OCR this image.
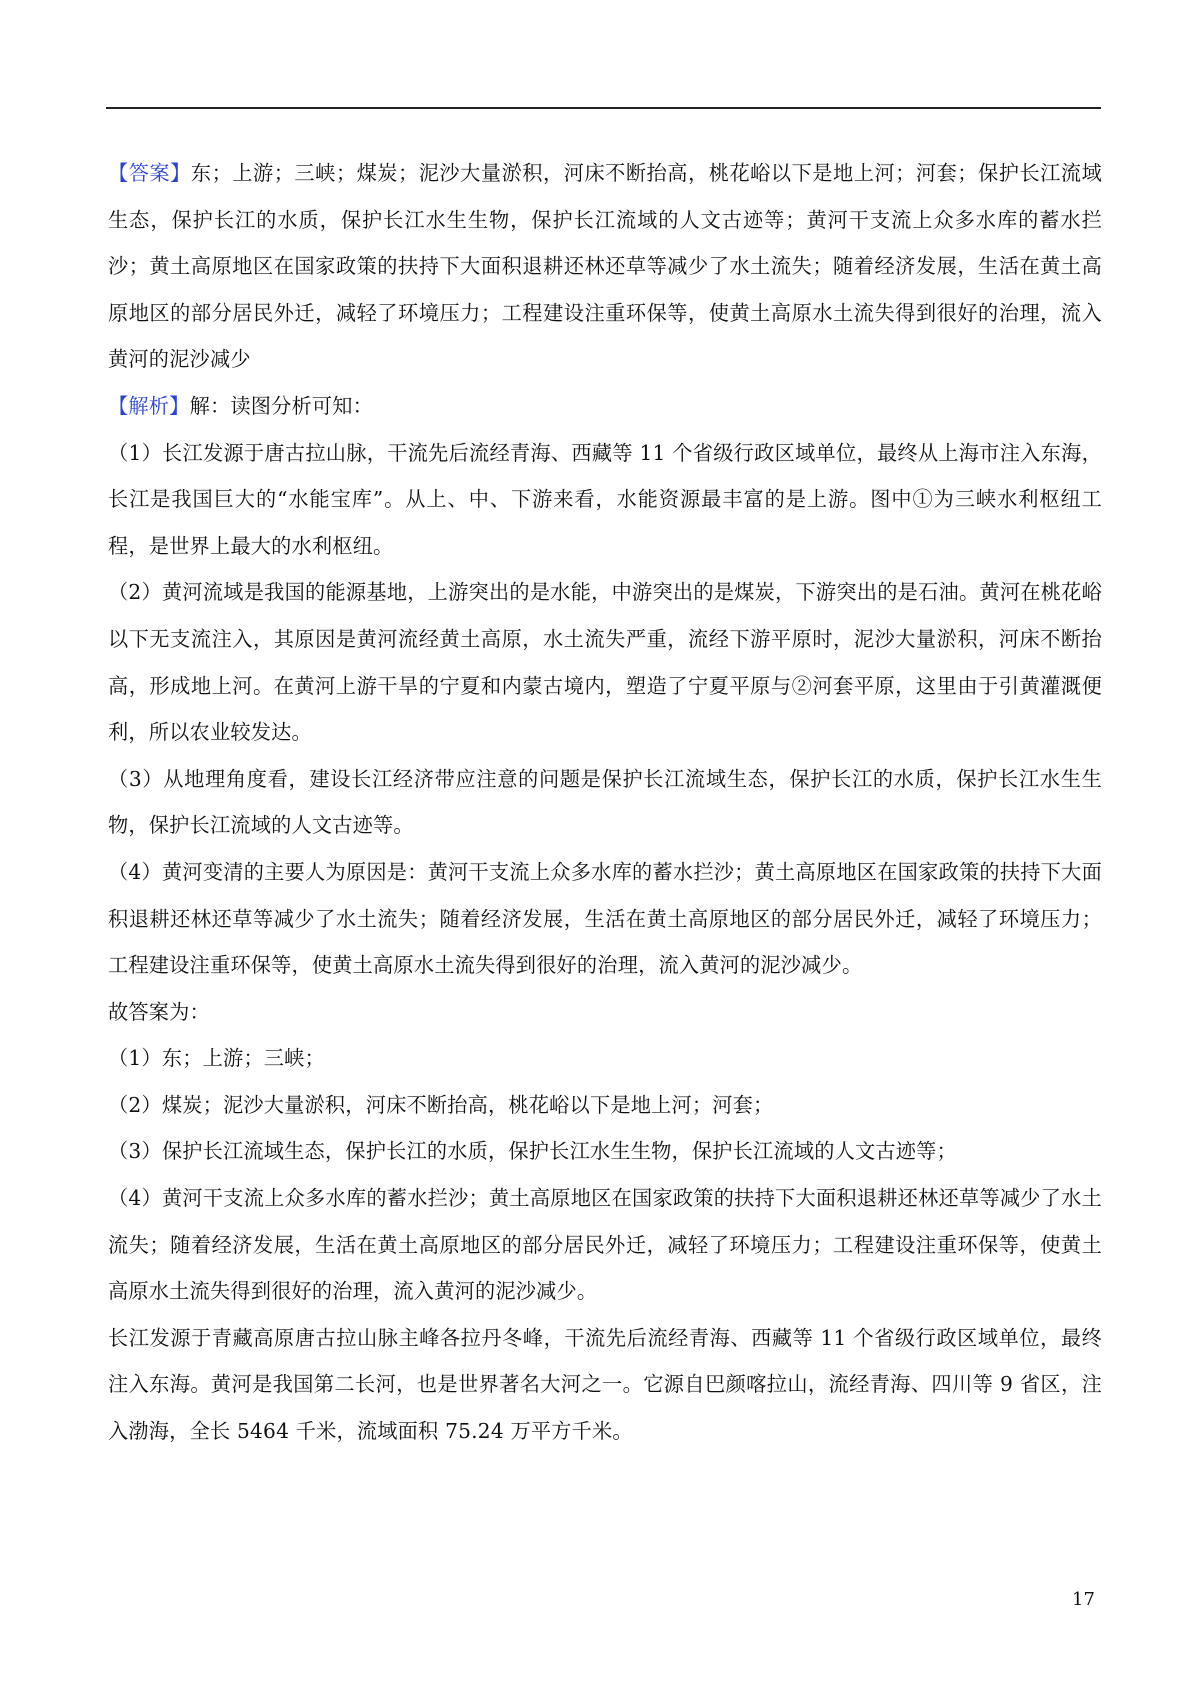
【答案】东；上游；三峡；煤炭；泥沙大量淤积，河床不断抬高，桃花峪以下是地上河；河套；保护长江流域生态，保护长江的水质，保护长江水生生物，保护长江流域的人文古迹等；黄河干支流上众多水库的蓄水拦沙；黄土高原地区在国家政策的扶持下大面积退耕还林还草等减少了水土流失；随着经济发展，生活在黄土高原地区的部分居民外迁，减轻了环境压力；工程建设注重环保等，使黄土高原水土流失得到很好的治理，流入黄河的泥沙减少

【解析】解：读图分析可知：

（1）长江发源于唐古拉山脉，干流先后流经青海、西藏等 11 个省级行政区域单位，最终从上海市注入东海，长江是我国巨大的“水能宝库”。从上、中、下游来看，水能资源最丰富的是上游。图中①为三峡水利枢纽工程，是世界上最大的水利枢纽。

（2）黄河流域是我国的能源基地，上游突出的是水能，中游突出的是煤炭，下游突出的是石油。黄河在桃花峪以下无支流注入，其原因是黄河流经黄土高原，水土流失严重，流经下游平原时，泥沙大量淤积，河床不断抬高，形成地上河。在黄河上游干旱的宁夏和内蒙古境内，塑造了宁夏平原与②河套平原，这里由于引黄灌溉便利，所以农业较发达。

（3）从地理角度看，建设长江经济带应注意的问题是保护长江流域生态，保护长江的水质，保护长江水生生物，保护长江流域的人文古迹等。

（4）黄河变清的主要人为原因是：黄河干支流上众多水库的蓄水拦沙；黄土高原地区在国家政策的扶持下大面积退耕还林还草等减少了水土流失；随着经济发展，生活在黄土高原地区的部分居民外迁，减轻了环境压力；工程建设注重环保等，使黄土高原水土流失得到很好的治理，流入黄河的泥沙减少。

故答案为：

（1）东；上游；三峡；

（2）煤炭；泥沙大量淤积，河床不断抬高，桃花峪以下是地上河；河套；

（3）保护长江流域生态，保护长江的水质，保护长江水生生物，保护长江流域的人文古迹等；

（4）黄河干支流上众多水库的蓄水拦沙；黄土高原地区在国家政策的扶持下大面积退耕还林还草等减少了水土流失；随着经济发展，生活在黄土高原地区的部分居民外迁，减轻了环境压力；工程建设注重环保等，使黄土高原水土流失得到很好的治理，流入黄河的泥沙减少。

长江发源于青藏高原唐古拉山脉主峰各拉丹冬峰，干流先后流经青海、西藏等 11 个省级行政区域单位，最终注入东海。黄河是我国第二长河，也是世界著名大河之一。它源自巴颜喀拉山，流经青海、四川等 9 省区，注入渤海，全长 5464 千米，流域面积 75.24 万平方千米。

17
